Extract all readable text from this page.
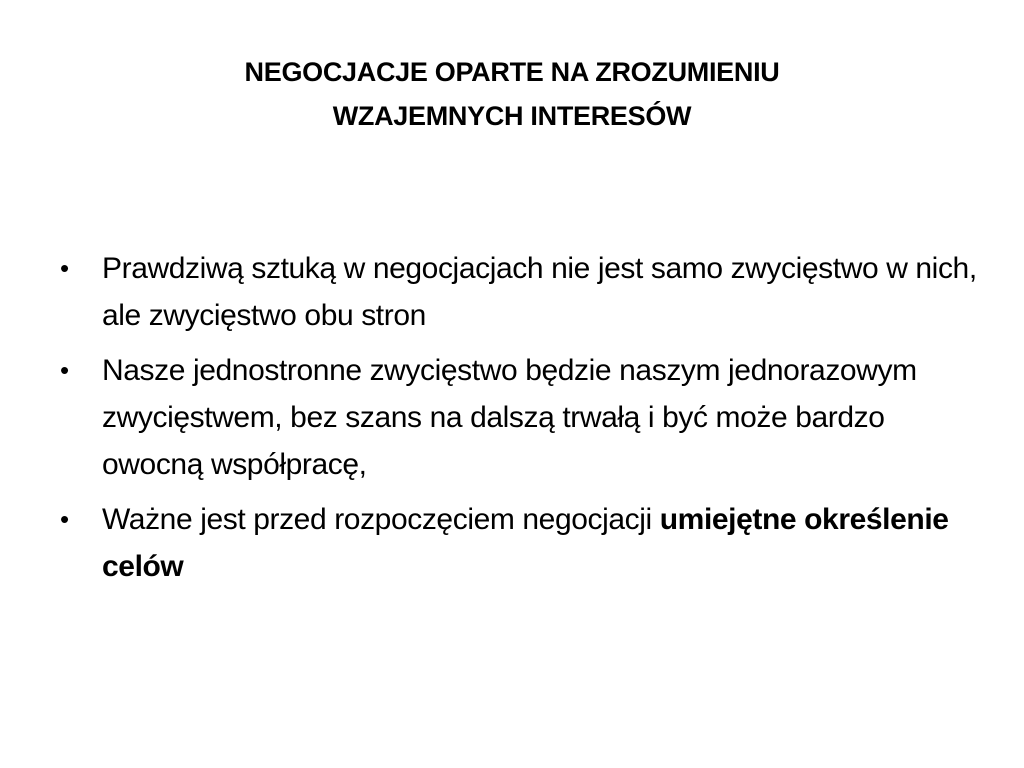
NEGOCJACJE OPARTE NA ZROZUMIENIU
WZAJEMNYCH INTERESÓW
• Prawdziwą sztuką w negocjacjach nie jest samo zwycięstwo w nich, ale zwycięstwo obu stron
• Nasze jednostronne zwycięstwo będzie naszym jednorazowym zwycięstwem, bez szans na dalszą trwałą i być może bardzo owocną współpracę,
• Ważne jest przed rozpoczęciem negocjacji umiejętne określenie celów
